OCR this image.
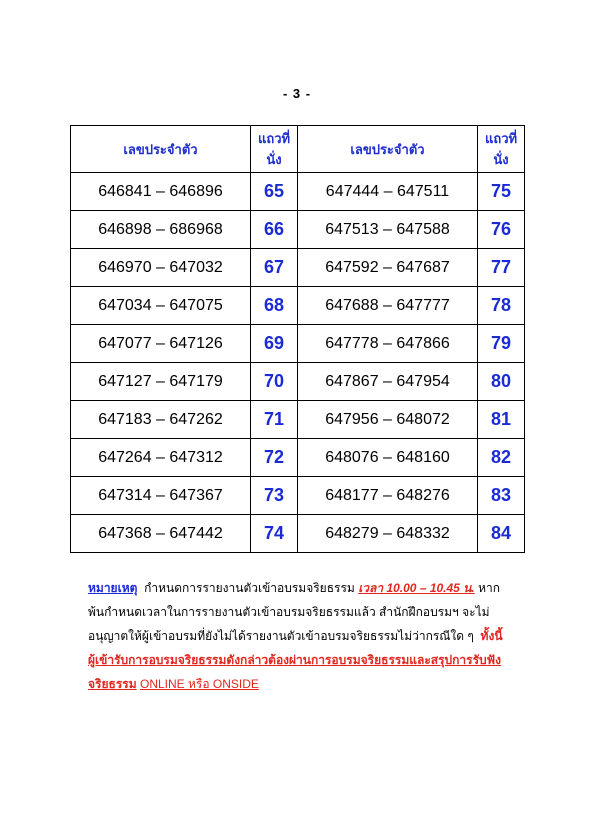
- 3 -
เลขประจำตัว	แถวที่นั่ง	เลขประจำตัว	แถวที่นั่ง
646841 – 646896	65	647444 – 647511	75
646898 – 686968	66	647513 – 647588	76
646970 – 647032	67	647592 – 647687	77
647034 – 647075	68	647688 – 647777	78
647077 – 647126	69	647778 – 647866	79
647127 – 647179	70	647867 – 647954	80
647183 – 647262	71	647956 – 648072	81
647264 – 647312	72	648076 – 648160	82
647314 – 647367	73	648177 – 648276	83
647368 – 647442	74	648279 – 648332	84
หมายเหตุ กำหนดการรายงานตัวเข้าอบรมจริยธรรม เวลา 10.00 – 10.45 น. หากพ้นกำหนดเวลาในการรายงานตัวเข้าอบรมจริยธรรมแล้ว สำนักฝึกอบรมฯ จะไม่อนุญาตให้ผู้เข้าอบรมที่ยังไม่ได้รายงานตัวเข้าอบรมจริยธรรมไม่ว่ากรณีใด ๆ ทั้งนี้ ผู้เข้ารับการอบรมจริยธรรมดังกล่าวต้องผ่านการอบรมจริยธรรมและสรุปการรับฟังจริยธรรม ONLINE หรือ ONSIDE
